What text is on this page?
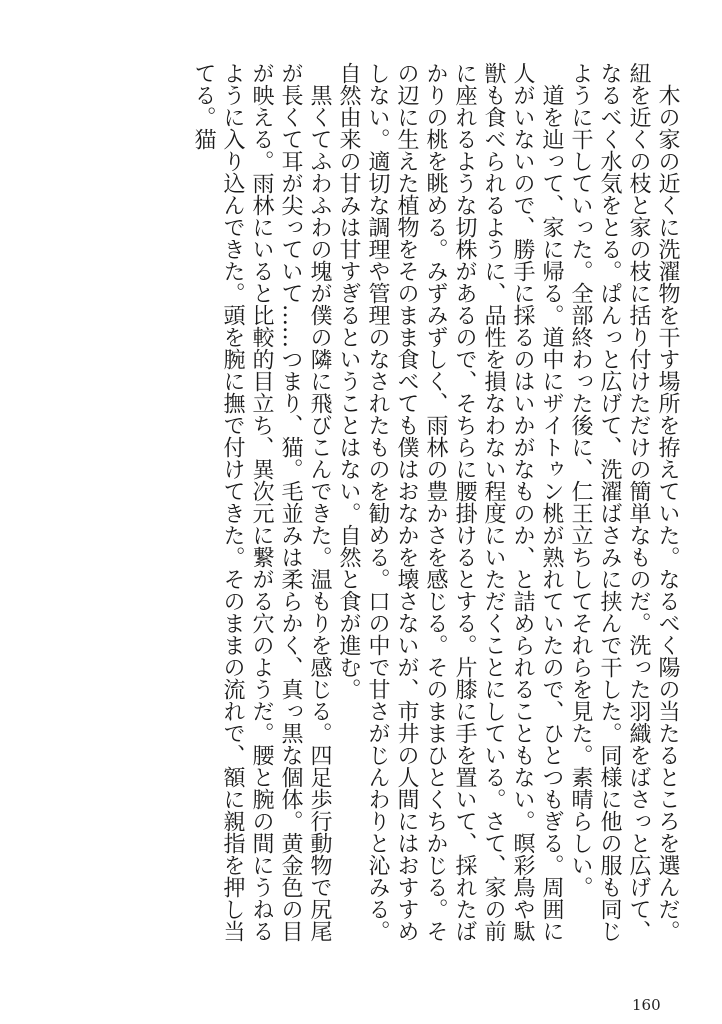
木の家の近くに洗濯物を干す場所を拵えていた。なるべく陽の当たるところを選んだ。紐を近くの枝と家の枝に括り付けただけの簡単なものだ。洗った羽織をばさっと広げて、なるべく水気をとる。ぱんっと広げて、洗濯ばさみに挟んで干した。同様に他の服も同じように干していった。全部終わった後に、仁王立ちしてそれらを見た。素晴らしい。

道を辿って、家に帰る。道中にザイトゥン桃が熟れていたので、ひとつもぎる。周囲に人がいないので、勝手に採るのはいかがなものか、と詰められることもない。暝彩鳥や駄獣も食べられるように、品性を損なわない程度にいただくことにしている。さて、家の前に座れるような切株があるので、そちらに腰掛けるとする。片膝に手を置いて、採れたばかりの桃を眺める。みずみずしく、雨林の豊かさを感じる。そのままひとくちかじる。その辺に生えた植物をそのまま食べても僕はおなかを壊さないが、市井の人間にはおすすめしない。適切な調理や管理のなされたものを勧める。口の中で甘さがじんわりと沁みる。自然由来の甘みは甘すぎるということはない。自然と食が進む。

黒くてふわふわの塊が僕の隣に飛びこんできた。温もりを感じる。四足歩行動物で尻尾が長くて耳が尖っていて……つまり、猫。毛並みは柔らかく、真っ黒な個体。黄金色の目が映える。雨林にいると比較的目立ち、異次元に繋がる穴のようだ。腰と腕の間にうねるように入り込んできた。頭を腕に撫で付けてきた。そのままの流れで、額に親指を押し当てる。猫

160
